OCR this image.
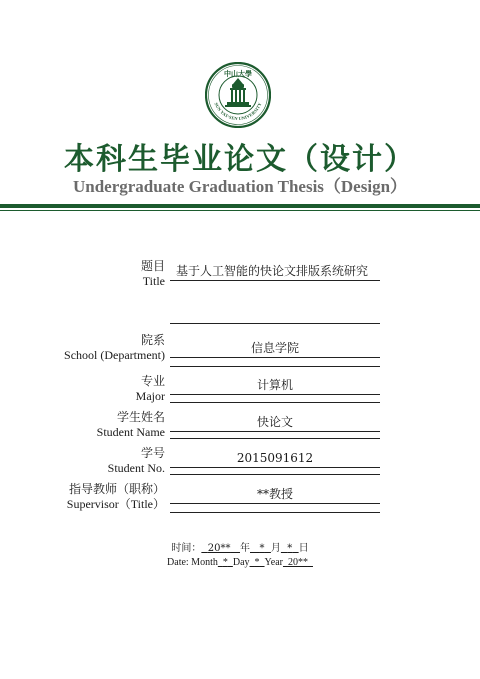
中山大學
SUN YAT-SEN UNIVERSITY
本科生毕业论文（设计）
Undergraduate Graduation Thesis（Design）
题目
Title
基于人工智能的快论文排版系统研究
院系
School (Department)	信息学院
专业
Major
计算机
学生姓名
Student Name
快论文
学号
Student No.
2015091612
指导教师（职称）
Supervisor（Title）
**教授
时间： 20** 年 * 月 * 日
Date: Month * Day * Year 20**
